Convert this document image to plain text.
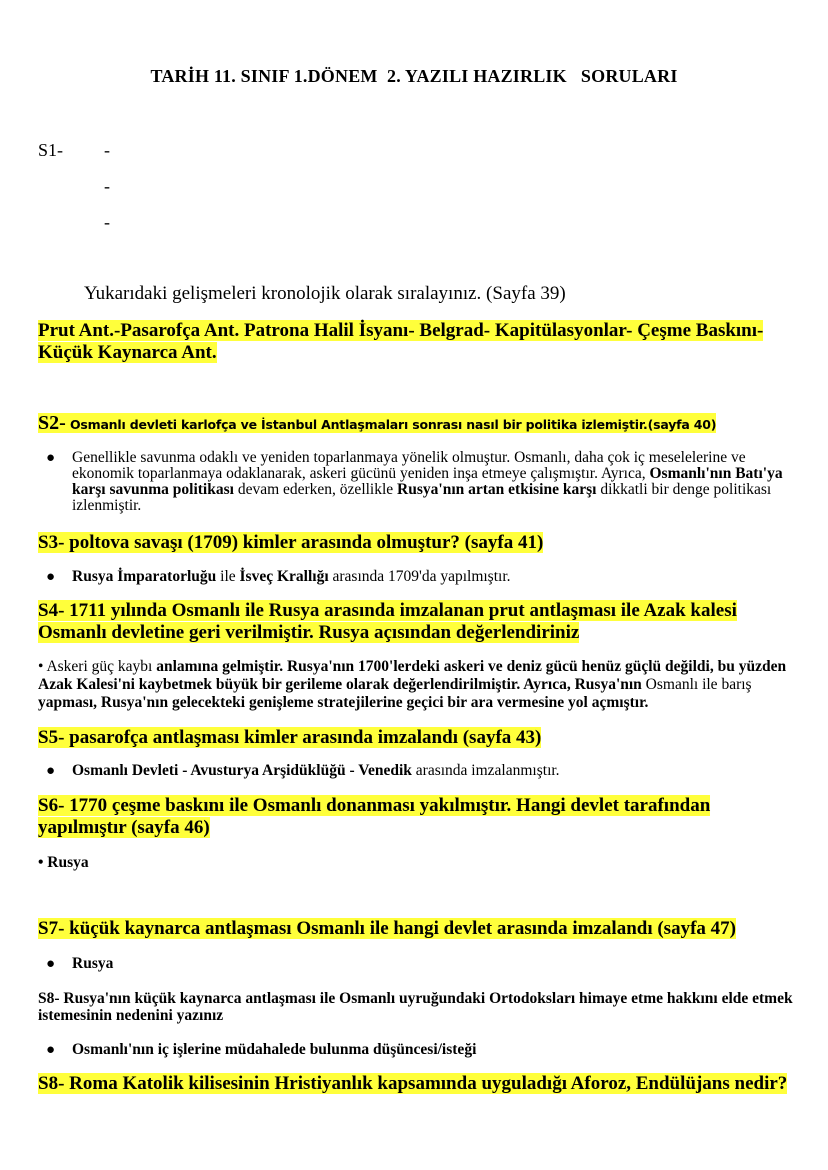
TARİH 11. SINIF 1.DÖNEM  2. YAZILI HAZIRLIK   SORULARI
S1- -
-
-
Yukarıdaki gelişmeleri kronolojik olarak sıralayınız. (Sayfa 39)
Prut Ant.-Pasarofça Ant. Patrona Halil İsyanı- Belgrad- Kapitülasyonlar- Çeşme Baskını- Küçük Kaynarca Ant.
S2- Osmanlı devleti karlofça ve İstanbul Antlaşmaları sonrası nasıl bir politika izlemiştir.(sayfa 40)
●	Genellikle savunma odaklı ve yeniden toparlanmaya yönelik olmuştur. Osmanlı, daha çok iç meselelerine ve ekonomik toparlanmaya odaklanarak, askeri gücünü yeniden inşa etmeye çalışmıştır. Ayrıca, Osmanlı'nın Batı'ya karşı savunma politikası devam ederken, özellikle Rusya'nın artan etkisine karşı dikkatli bir denge politikası izlenmiştir.
S3- poltova savaşı (1709) kimler arasında olmuştur? (sayfa 41)
●	Rusya İmparatorluğu ile İsveç Krallığı arasında 1709'da yapılmıştır.
S4- 1711 yılında Osmanlı ile Rusya arasında imzalanan prut antlaşması ile Azak kalesi Osmanlı devletine geri verilmiştir. Rusya açısından değerlendiriniz
• Askeri güç kaybı anlamına gelmiştir. Rusya'nın 1700'lerdeki askeri ve deniz gücü henüz güçlü değildi, bu yüzden Azak Kalesi'ni kaybetmek büyük bir gerileme olarak değerlendirilmiştir. Ayrıca, Rusya'nın Osmanlı ile barış yapması, Rusya'nın gelecekteki genişleme stratejilerine geçici bir ara vermesine yol açmıştır.
S5- pasarofça antlaşması kimler arasında imzalandı (sayfa 43)
●	Osmanlı Devleti - Avusturya Arşidüklüğü - Venedik arasında imzalanmıştır.
S6- 1770 çeşme baskını ile Osmanlı donanması yakılmıştır. Hangi devlet tarafından yapılmıştır (sayfa 46)
• Rusya
S7- küçük kaynarca antlaşması Osmanlı ile hangi devlet arasında imzalandı (sayfa 47)
●	Rusya
S8- Rusya'nın küçük kaynarca antlaşması ile Osmanlı uyruğundaki Ortodoksları himaye etme hakkını elde etmek istemesinin nedenini yazınız
●	Osmanlı'nın iç işlerine müdahalede bulunma düşüncesi/isteği
S8- Roma Katolik kilisesinin Hristiyanlık kapsamında uyguladığı Aforoz, Endülüjans nedir?
